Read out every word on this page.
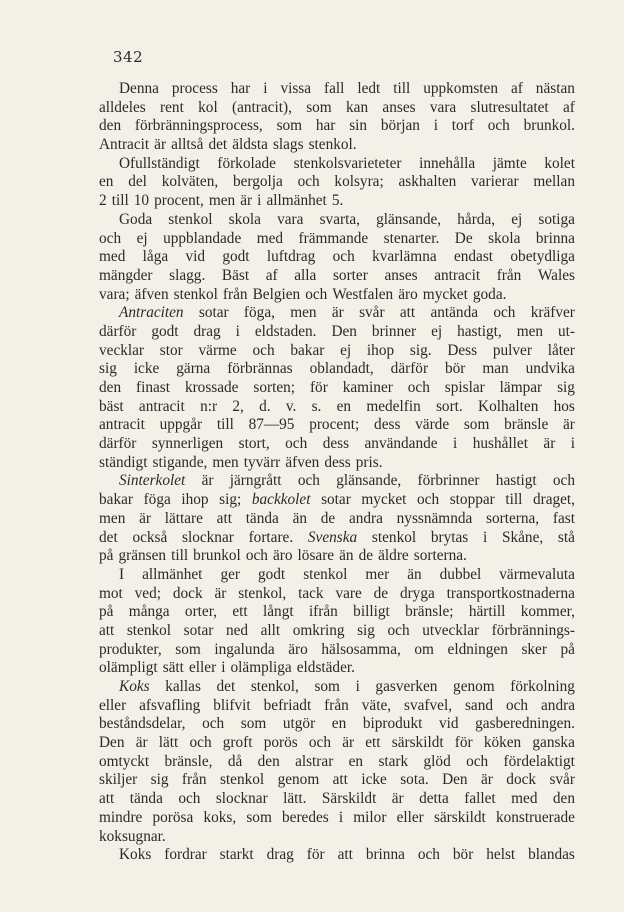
342
Denna process har i vissa fall ledt till uppkomsten af nästan
alldeles rent kol (antracit), som kan anses vara slutresultatet af
den förbränningsprocess, som har sin början i torf och brunkol.
Antracit är alltså det äldsta slags stenkol.
Ofullständigt förkolade stenkolsvarieteter innehålla jämte kolet
en del kolväten, bergolja och kolsyra; askhalten varierar mellan
2 till 10 procent, men är i allmänhet 5.
Goda stenkol skola vara svarta, glänsande, hårda, ej sotiga
och ej uppblandade med främmande stenarter. De skola brinna
med låga vid godt luftdrag och kvarlämna endast obetydliga
mängder slagg. Bäst af alla sorter anses antracit från Wales
vara; äfven stenkol från Belgien och Westfalen äro mycket goda.
Antraciten sotar föga, men är svår att antända och kräfver
därför godt drag i eldstaden. Den brinner ej hastigt, men ut-
vecklar stor värme och bakar ej ihop sig. Dess pulver låter
sig icke gärna förbrännas oblandadt, därför bör man undvika
den finast krossade sorten; för kaminer och spislar lämpar sig
bäst antracit n:r 2, d. v. s. en medelfin sort. Kolhalten hos
antracit uppgår till 87—95 procent; dess värde som bränsle är
därför synnerligen stort, och dess användande i hushållet är i
ständigt stigande, men tyvärr äfven dess pris.
Sinterkolet är järngrått och glänsande, förbrinner hastigt och
bakar föga ihop sig; backkolet sotar mycket och stoppar till draget,
men är lättare att tända än de andra nyssnämnda sorterna, fast
det också slocknar fortare. Svenska stenkol brytas i Skåne, stå
på gränsen till brunkol och äro lösare än de äldre sorterna.
I allmänhet ger godt stenkol mer än dubbel värmevaluta
mot ved; dock är stenkol, tack vare de dryga transportkostnaderna
på många orter, ett långt ifrån billigt bränsle; härtill kommer,
att stenkol sotar ned allt omkring sig och utvecklar förbrännings-
produkter, som ingalunda äro hälsosamma, om eldningen sker på
olämpligt sätt eller i olämpliga eldstäder.
Koks kallas det stenkol, som i gasverken genom förkolning
eller afsvafling blifvit befriadt från väte, svafvel, sand och andra
beståndsdelar, och som utgör en biprodukt vid gasberedningen.
Den är lätt och groft porös och är ett särskildt för köken ganska
omtyckt bränsle, då den alstrar en stark glöd och fördelaktigt
skiljer sig från stenkol genom att icke sota. Den är dock svår
att tända och slocknar lätt. Särskildt är detta fallet med den
mindre porösa koks, som beredes i milor eller särskildt konstruerade
koksugnar.
Koks fordrar starkt drag för att brinna och bör helst blandas
